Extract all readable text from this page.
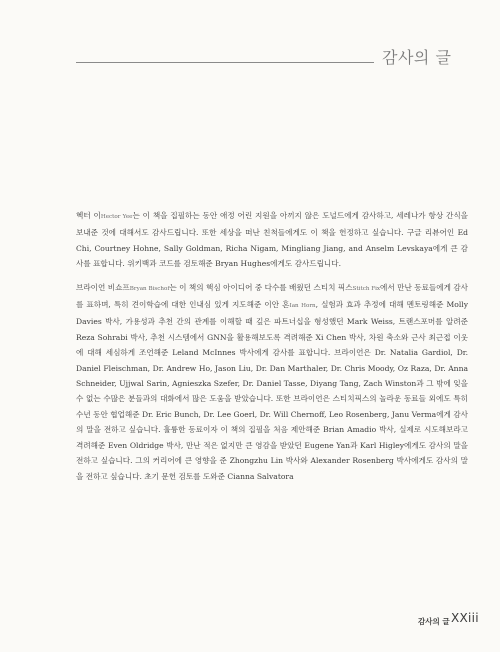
감사의 글

헥터 이Hector Yee는 이 책을 집필하는 동안 애정 어린 지원을 아끼지 않은 도널드에게 감사하고, 세레나가 항상 간식을 보내준 것에 대해서도 감사드립니다. 또한 세상을 떠난 친척들에게도 이 책을 헌정하고 싶습니다. 구글 리뷰어인 Ed Chi, Courtney Hohne, Sally Goldman, Richa Nigam, Mingliang Jiang, and Anselm Levskaya에게 큰 감사를 표합니다. 위키백과 코드를 검토해준 Bryan Hughes에게도 감사드립니다.

브라이언 비쇼프Bryan Bischof는 이 책의 핵심 아이디어 중 다수를 배웠던 스티치 픽스Stitch Fix에서 만난 동료들에게 감사를 표하며, 특히 견이학습에 대한 인내심 있게 지도해준 이안 혼Ian Horn, 실험과 효과 추정에 대해 멘토링해준 Molly Davies 박사, 가용성과 추천 간의 관계를 이해할 때 깊은 파트너십을 형성했던 Mark Weiss, 트랜스포머를 알려준 Reza Sohrabi 박사, 추천 시스템에서 GNN을 활용해보도록 격려해준 Xi Chen 박사, 차원 축소와 근사 최근접 이웃에 대해 세심하게 조언해준 Leland McInnes 박사에게 감사를 표합니다. 브라이언은 Dr. Natalia Gardiol, Dr. Daniel Fleischman, Dr. Andrew Ho, Jason Liu, Dr. Dan Marthaler, Dr. Chris Moody, Oz Raza, Dr. Anna Schneider, Ujjwal Sarin, Agnieszka Szefer, Dr. Daniel Tasse, Diyang Tang, Zach Winston과 그 밖에 잊을 수 없는 수많은 분들과의 대화에서 많은 도움을 받았습니다. 또한 브라이언은 스티치픽스의 놀라운 동료들 외에도 특히 수년 동안 협업해준 Dr. Eric Bunch, Dr. Lee Goerl, Dr. Will Chernoff, Leo Rosenberg, Janu Verma에게 감사의 말을 전하고 싶습니다. 훌륭한 동료이자 이 책의 집필을 처음 제안해준 Brian Amadio 박사, 실제로 시도해보라고 격려해준 Even Oldridge 박사, 만난 적은 없지만 큰 영감을 받았던 Eugene Yan과 Karl Higley에게도 감사의 말을 전하고 싶습니다. 그의 커리어에 큰 영향을 준 Zhongzhu Lin 박사와 Alexander Rosenberg 박사에게도 감사의 말을 전하고 싶습니다. 초기 문헌 검토를 도와준 Cianna Salvatora

감사의 글 XXiii
